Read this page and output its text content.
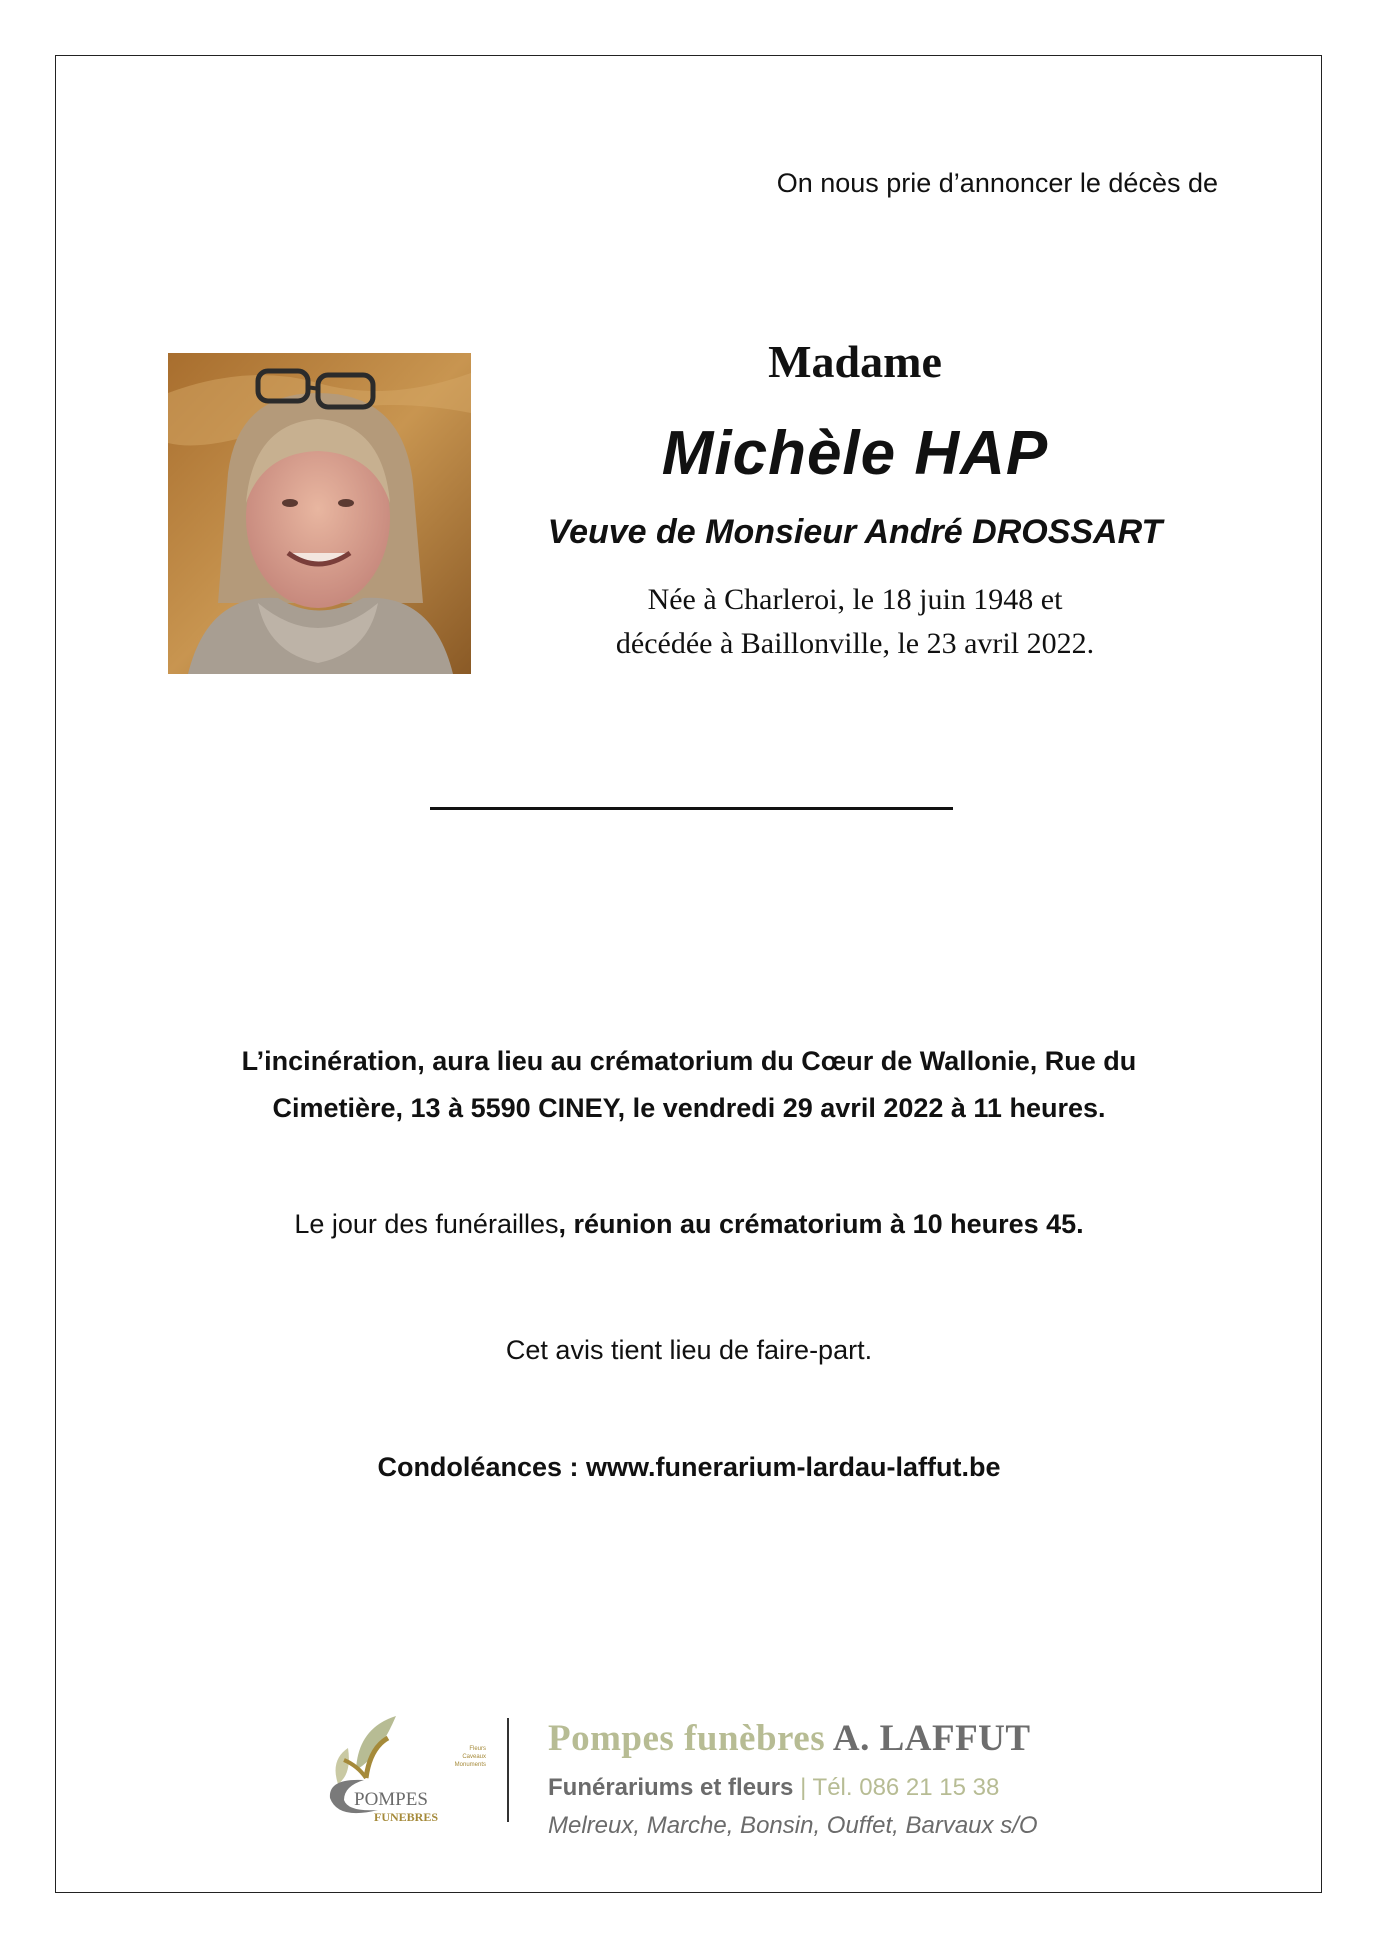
On nous prie d’annoncer le décès de
Madame
Michèle HAP
Veuve de Monsieur André DROSSART
Née à Charleroi, le 18 juin 1948 et
décédée à Baillonville, le 23 avril 2022.
L’incinération, aura lieu au crématorium du Cœur de Wallonie, Rue du
Cimetière, 13 à 5590 CINEY, le vendredi 29 avril 2022 à 11 heures.
Le jour des funérailles, réunion au crématorium à 10 heures 45.
Cet avis tient lieu de faire-part.
Condoléances : www.funerarium-lardau-laffut.be
POMPES
FUNEBRES
Fleurs
Caveaux
Monuments
Pompes funèbres A. LAFFUT
Funérariums et fleurs | Tél. 086 21 15 38
Melreux, Marche, Bonsin, Ouffet, Barvaux s/O
